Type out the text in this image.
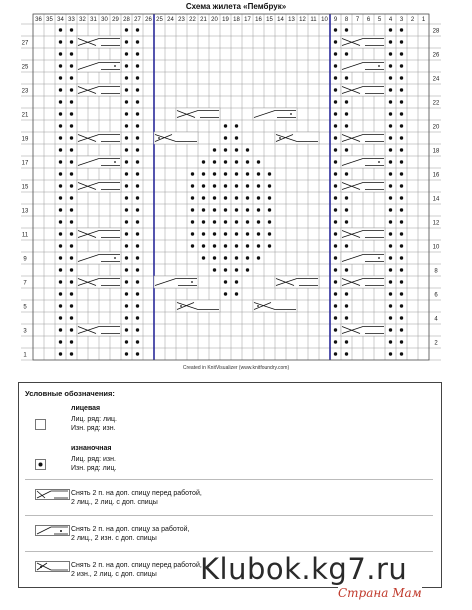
Схема жилета «Пембрук»
36 35 34 33 32 31 30 29 28 27 26 25 24 23 22 21 20 19 18 17 16 15 14 13 12 11 10 9 8 7 6 5 4 3 2 1
27
25
23
21
19
17
15
13
11
9
7
5
3
1
28
26
24
22
20
18
16
14
12
10
8
6
4
2
Created in KnitVisualizer (www.knitfoundry.com)
Условные обозначения:
лицевая
Лиц. ряд: лиц.
Изн. ряд: изн.
изнаночная
Лиц. ряд: изн.
Изн. ряд: лиц.
Снять 2 п. на доп. спицу перед работой,
2 лиц., 2 лиц. с доп. спицы
Снять 2 п. на доп. спицу за работой,
2 лиц., 2 изн. с доп. спицы
Снять 2 п. на доп. спицу перед работой,
2 изн., 2 лиц. с доп. спицы Klubok.kg7.ru
Страна Мам
